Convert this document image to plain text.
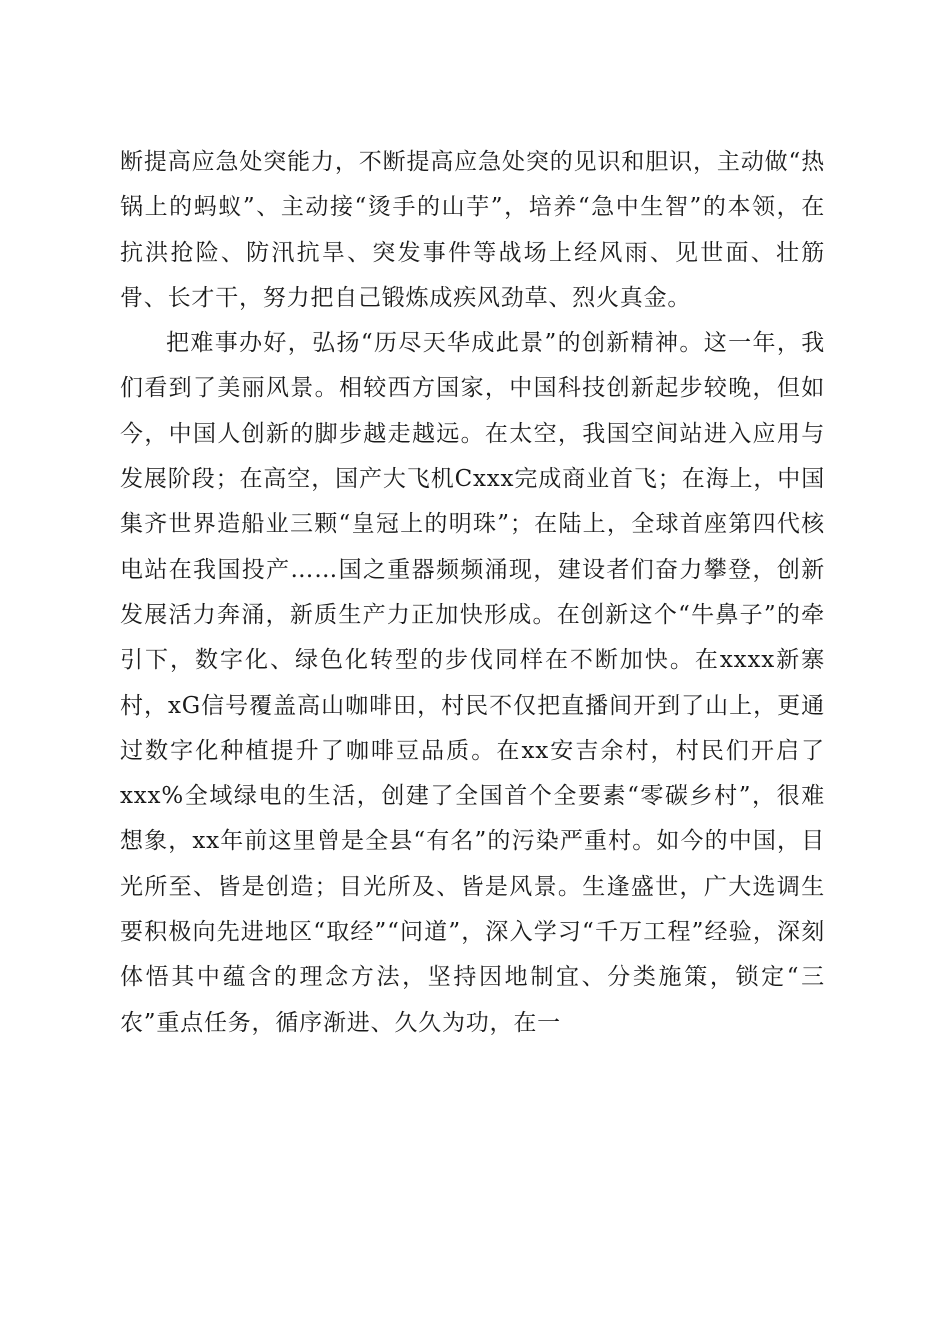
断提高应急处突能力，不断提高应急处突的见识和胆识，主动做“热锅上的蚂蚁”、主动接“烫手的山芋”，培养“急中生智”的本领，在抗洪抢险、防汛抗旱、突发事件等战场上经风雨、见世面、壮筋骨、长才干，努力把自己锻炼成疾风劲草、烈火真金。

把难事办好，弘扬“历尽天华成此景”的创新精神。这一年，我们看到了美丽风景。相较西方国家，中国科技创新起步较晚，但如今，中国人创新的脚步越走越远。在太空，我国空间站进入应用与发展阶段；在高空，国产大飞机Cxxx完成商业首飞；在海上，中国集齐世界造船业三颗“皇冠上的明珠”；在陆上，全球首座第四代核电站在我国投产……国之重器频频涌现，建设者们奋力攀登，创新发展活力奔涌，新质生产力正加快形成。在创新这个“牛鼻子”的牵引下，数字化、绿色化转型的步伐同样在不断加快。在xxxx新寨村，xG信号覆盖高山咖啡田，村民不仅把直播间开到了山上，更通过数字化种植提升了咖啡豆品质。在xx安吉余村，村民们开启了xxx%全域绿电的生活，创建了全国首个全要素“零碳乡村”，很难想象，xx年前这里曾是全县“有名”的污染严重村。如今的中国，目光所至、皆是创造；目光所及、皆是风景。生逢盛世，广大选调生要积极向先进地区“取经”“问道”，深入学习“千万工程”经验，深刻体悟其中蕴含的理念方法，坚持因地制宜、分类施策，锁定“三农”重点任务，循序渐进、久久为功，在一
